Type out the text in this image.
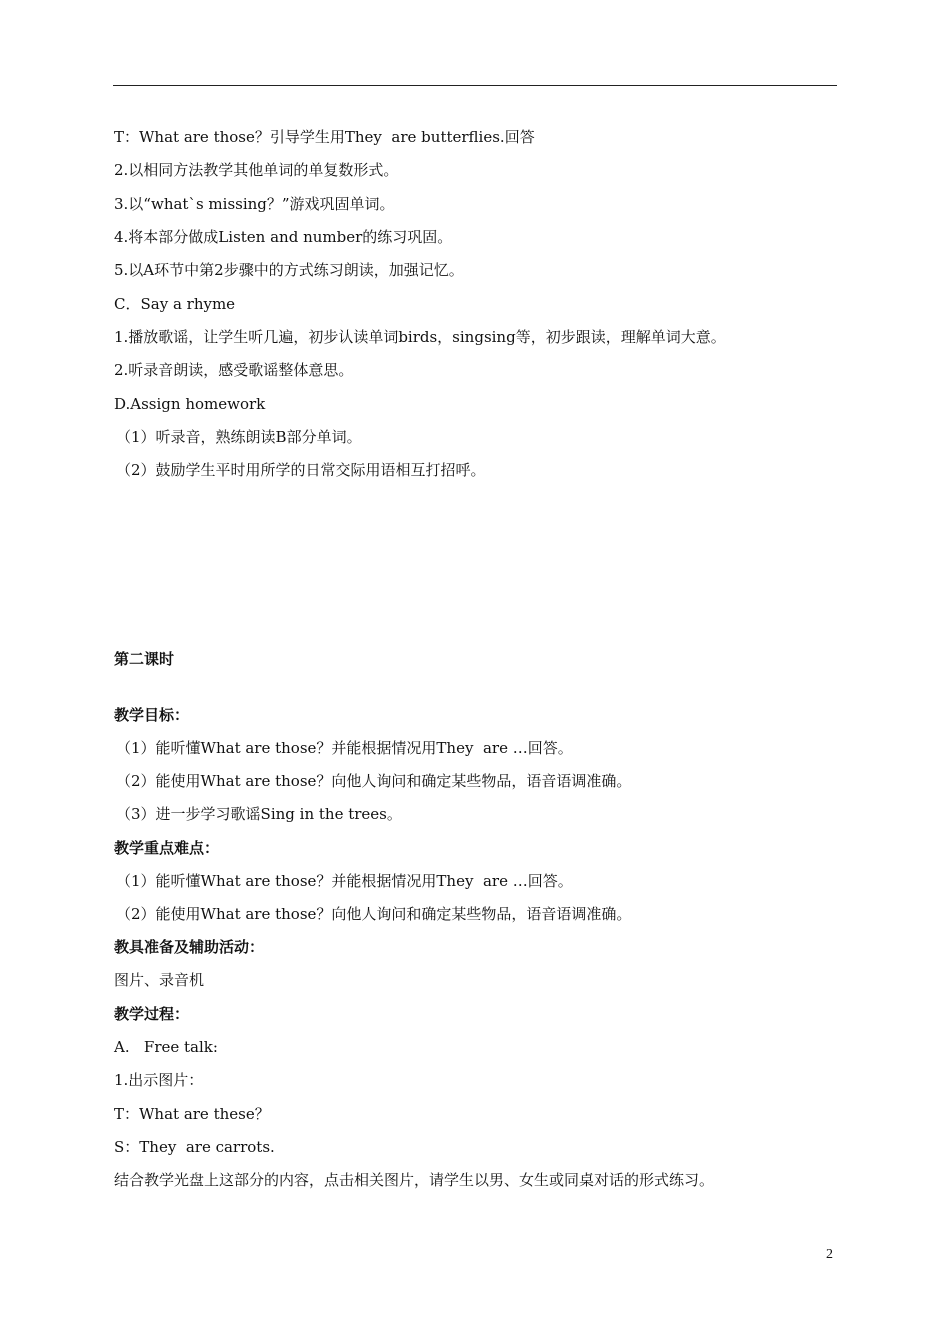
T：What are those？引导学生用They  are butterflies.回答
2.以相同方法教学其他单词的单复数形式。
3.以“what`s missing？”游戏巩固单词。
4.将本部分做成Listen and number的练习巩固。
5.以A环节中第2步骤中的方式练习朗读，加强记忆。
C．Say a rhyme
1.播放歌谣，让学生听几遍，初步认读单词birds，singsing等，初步跟读，理解单词大意。
2.听录音朗读，感受歌谣整体意思。
D.Assign homework
（1）听录音，熟练朗读B部分单词。
（2）鼓励学生平时用所学的日常交际用语相互打招呼。
第二课时
教学目标：
（1）能听懂What are those？并能根据情况用They  are …回答。
（2）能使用What are those？向他人询问和确定某些物品，语音语调准确。
（3）进一步学习歌谣Sing in the trees。
教学重点难点：
（1）能听懂What are those？并能根据情况用They  are …回答。
（2）能使用What are those？向他人询问和确定某些物品，语音语调准确。
教具准备及辅助活动：
图片、录音机
教学过程：
A.   Free talk:
1.出示图片：
T：What are these？
S：They  are carrots.
结合教学光盘上这部分的内容，点击相关图片，请学生以男、女生或同桌对话的形式练习。
2
